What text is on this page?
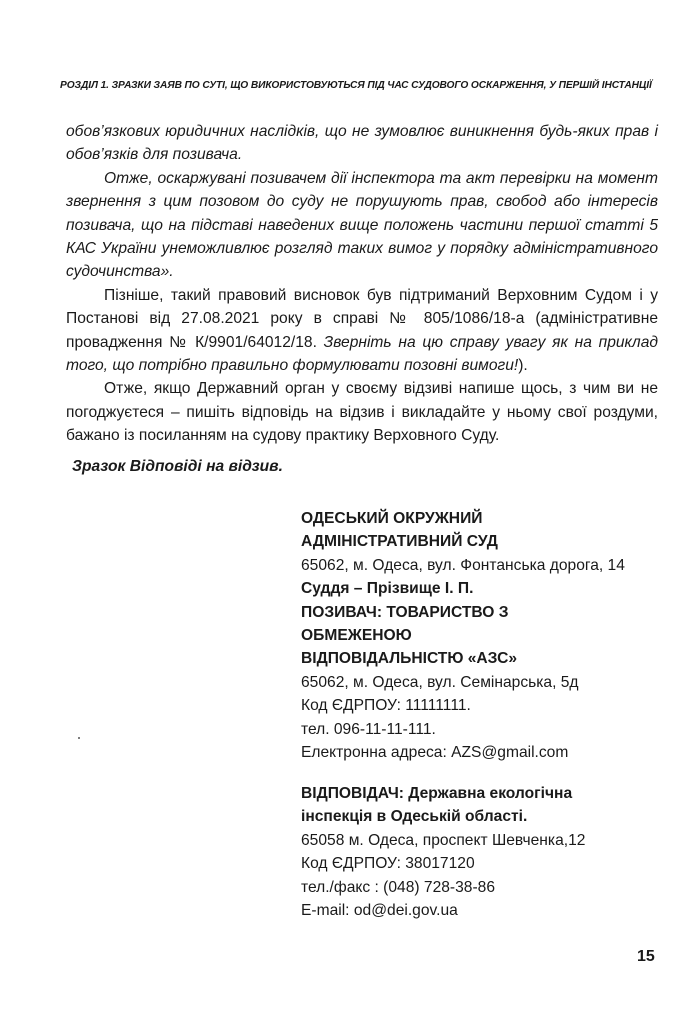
РОЗДІЛ 1. ЗРАЗКИ ЗАЯВ ПО СУТІ, ЩО ВИКОРИСТОВУЮТЬСЯ ПІД ЧАС СУДОВОГО ОСКАРЖЕННЯ, У ПЕРШІЙ ІНСТАНЦІЇ

обов’язкових юридичних наслідків, що не зумовлює виникнення будь-яких прав і обов’язків для позивача.

Отже, оскаржувані позивачем дії інспектора та акт перевірки на момент звернення з цим позовом до суду не порушують прав, свобод або інтересів позивача, що на підставі наведених вище положень частини першої статті 5 КАС України унеможливлює розгляд таких вимог у порядку адміністративного судочинства».

Пізніше, такий правовий висновок був підтриманий Верховним Судом і у Постанові від 27.08.2021 року в справі № 805/1086/18-а (адміністративне провадження № К/9901/64012/18. Зверніть на цю справу увагу як на приклад того, що потрібно правильно формулювати позовні вимоги!).

Отже, якщо Державний орган у своєму відзиві напише щось, з чим ви не погоджуєтеся – пишіть відповідь на відзив і викладайте у ньому свої роздуми, бажано із посиланням на судову практику Верховного Суду.

Зразок Відповіді на відзив.
ОДЕСЬКИЙ ОКРУЖНИЙ
АДМІНІСТРАТИВНИЙ СУД
65062, м. Одеса, вул. Фонтанська дорога, 14
Суддя – Прізвище І. П.
ПОЗИВАЧ: ТОВАРИСТВО З
ОБМЕЖЕНОЮ
ВІДПОВІДАЛЬНІСТЮ «АЗС»
65062, м. Одеса, вул. Семінарська, 5д
Код ЄДРПОУ: 11111111.
тел. 096-11-11-111.
Електронна адреса: AZS@gmail.com
ВІДПОВІДАЧ: Державна екологічна
інспекція в Одеській області.
65058 м. Одеса, проспект Шевченка,12
Код ЄДРПОУ: 38017120
тел./факс : (048) 728-38-86
E-mail: od@dei.gov.ua
15
